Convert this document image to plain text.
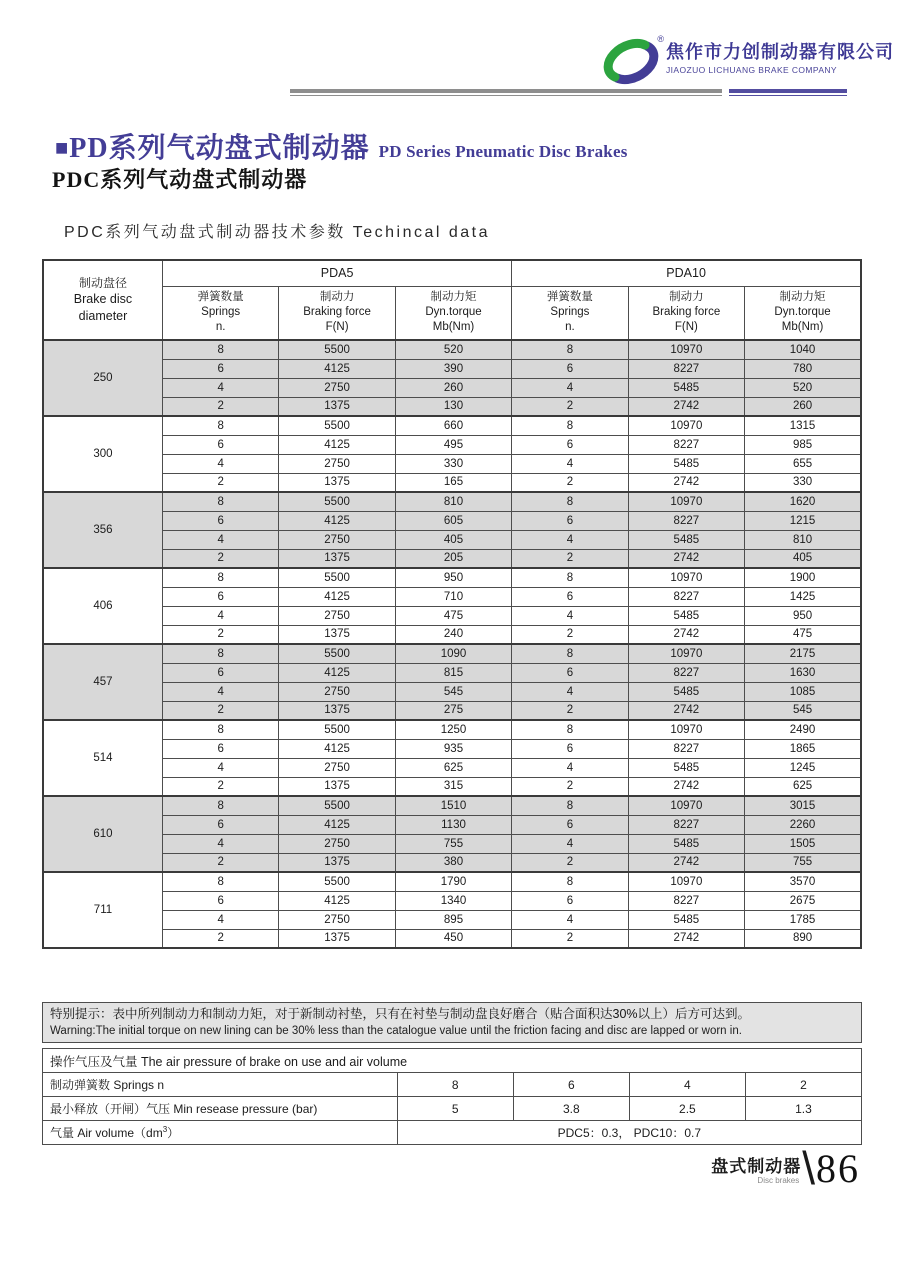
®
焦作市力创制动器有限公司
JIAOZUO LICHUANG BRAKE COMPANY
■PD系列气动盘式制动器 PD Series Pneumatic Disc Brakes
PDC系列气动盘式制动器
PDC系列气动盘式制动器技术参数 Techincal data
制动盘径
Brake disc
diameter	PDA5			PDA10		

弹簧数量
Springs
n.

制动力
Braking force
F(N)

制动力矩
Dyn.torque
Mb(Nm)

弹簧数量
Springs
n.

制动力
Braking force
F(N)

制动力矩
Dyn.torque
Mb(Nm)

250	8	5500	520	8	10970	1040
	6	4125	390	6	8227	780
	4	2750	260	4	5485	520
	2	1375	130	2	2742	260
300	8	5500	660	8	10970	1315
	6	4125	495	6	8227	985
	4	2750	330	4	5485	655
	2	1375	165	2	2742	330
356	8	5500	810	8	10970	1620
	6	4125	605	6	8227	1215
	4	2750	405	4	5485	810
	2	1375	205	2	2742	405
406	8	5500	950	8	10970	1900
	6	4125	710	6	8227	1425
	4	2750	475	4	5485	950
	2	1375	240	2	2742	475
457	8	5500	1090	8	10970	2175
	6	4125	815	6	8227	1630
	4	2750	545	4	5485	1085
	2	1375	275	2	2742	545
514	8	5500	1250	8	10970	2490
	6	4125	935	6	8227	1865
	4	2750	625	4	5485	1245
	2	1375	315	2	2742	625
610	8	5500	1510	8	10970	3015
	6	4125	1130	6	8227	2260
	4	2750	755	4	5485	1505
	2	1375	380	2	2742	755
711	8	5500	1790	8	10970	3570
	6	4125	1340	6	8227	2675
	4	2750	895	4	5485	1785
	2	1375	450	2	2742	890
特别提示：表中所列制动力和制动力矩，对于新制动衬垫，只有在衬垫与制动盘良好磨合（贴合面积达30%以上）后方可达到。
Warning:The initial torque on new lining can be 30% less than the catalogue value until the friction facing and disc are lapped or worn in.
操作气压及气量 The air pressure of brake on use and air volume				
制动弹簧数 Springs n	8	6	4	2
最小释放（开闸）气压 Min resease pressure (bar)	5	3.8	2.5	1.3
气量 Air $volume(dm^3)$	PDC5：0.3， PDC10：0.7			
盘式制动器
Disc brakes \ 86
